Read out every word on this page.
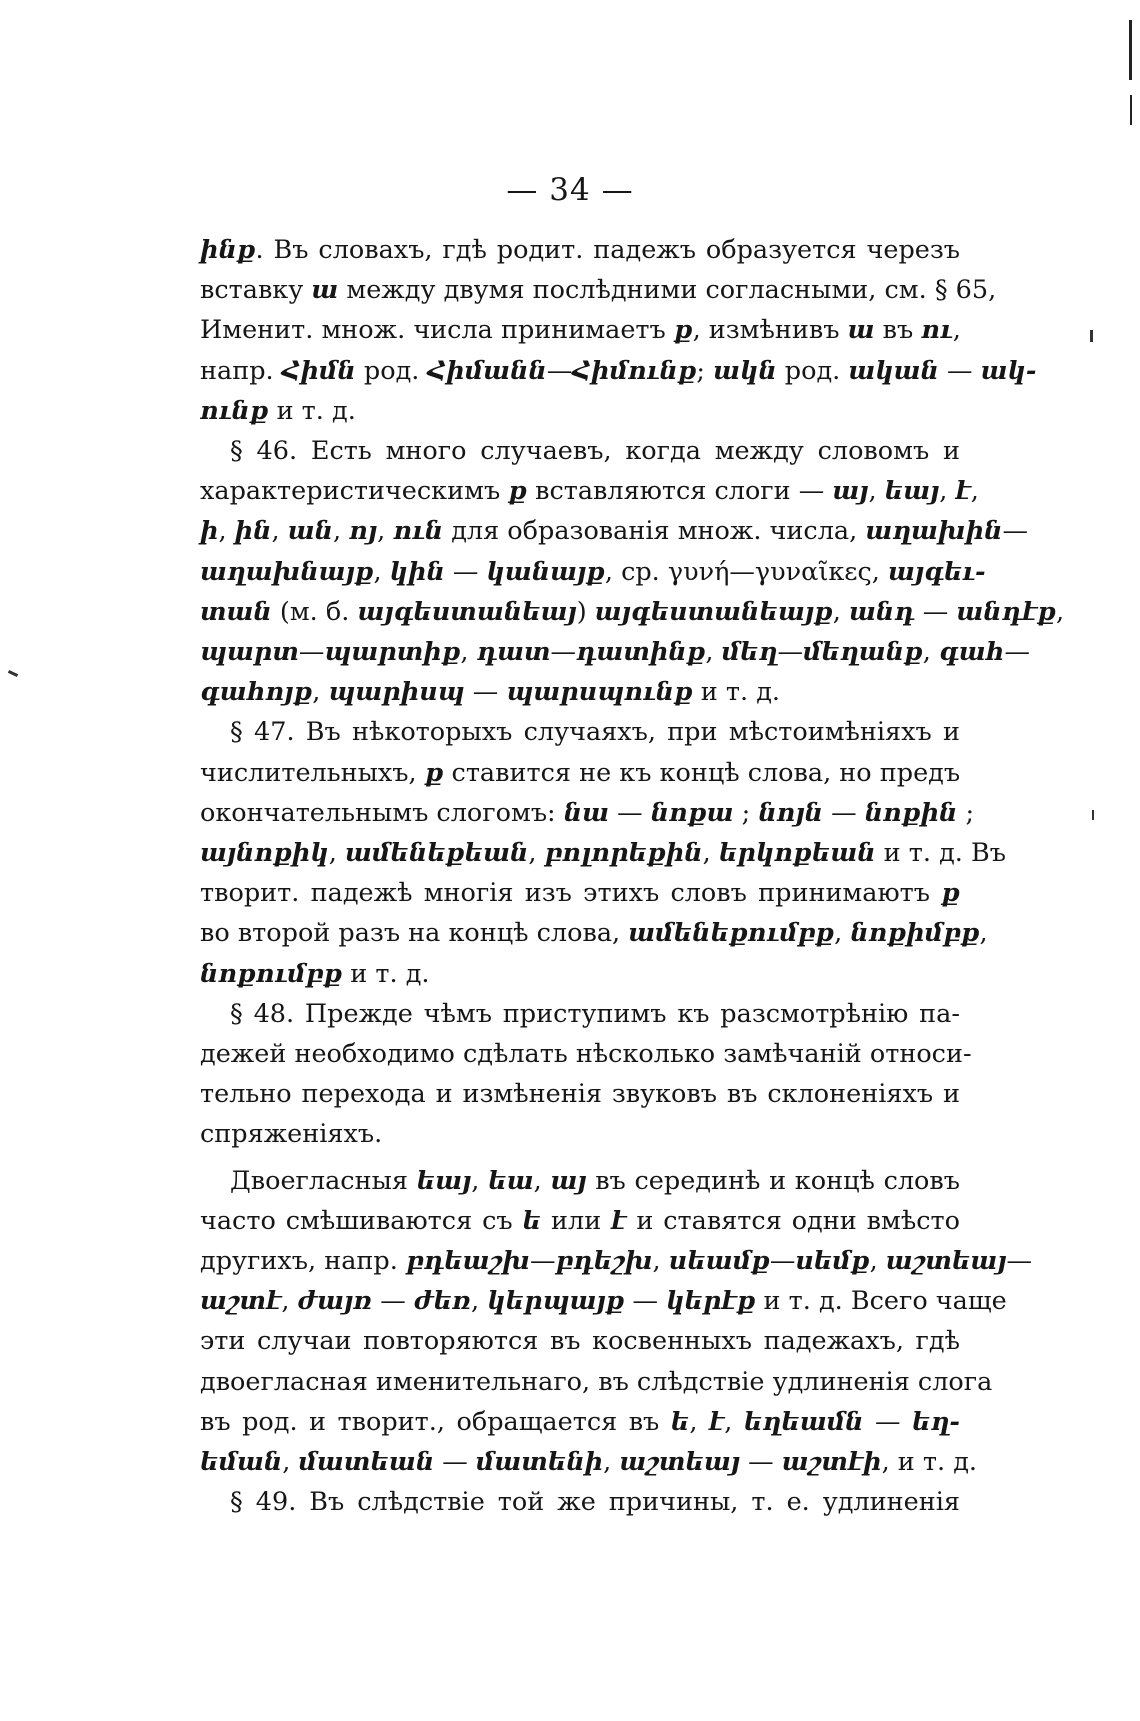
— 34 —
ինք. Въ словахъ, гдѣ родит. падежъ образуется черезъ
вставку ա между двумя послѣдними согласными, см. § 65,
Именит. множ. числа принимаетъ ք, измѣнивъ ա въ ու,
напр. Հիմն род. Հիմանն—Հիմունք; ակն род. ական — ակ-
ունք и т. д.
§ 46. Есть много случаевъ, когда между словомъ и
характеристическимъ ք вставляются слоги — այ, եայ, է,
ի, ին, ան, ոյ, ուն для образованія множ. числа, աղախին—
աղախնայք, կին — կանայք, ср. γυνή—γυναῖκες, այգեւ-
տան (м. б. այգեստանեայ) այգեստանեայք, անդ — անդէք,
պարտ—պարտիք, դատ—դատինք, մեղ—մեղանք, գահ—
գահոյք, պարիսպ — պարսպունք и т. д.
§ 47. Въ нѣкоторыхъ случаяхъ, при мѣстоимѣніяхъ и
числительныхъ, ք ставится не къ концѣ слова, но предъ
окончательнымъ слогомъ: նա — նոքա ; նոյն — նոքին ;
այնոքիկ, ամենեքեան, բոլորեքին, երկոքեան и т. д. Въ
творит. падежѣ многія изъ этихъ словъ принимаютъ ք
во второй разъ на концѣ слова, ամենեքումբք, նոքիմբք,
նոքումբք и т. д.
§ 48. Прежде чѣмъ приступимъ къ разсмотрѣнію па-
дежей необходимо сдѣлать нѣсколько замѣчаній относи-
тельно перехода и измѣненія звуковъ въ склоненіяхъ и
спряженіяхъ.
Двоегласныя եայ, եա, այ въ серединѣ и концѣ словъ
часто смѣшиваются съ ե или է и ставятся одни вмѣсто
другихъ, напр. բդեաշխ—բդեշխ, սեամք—սեմք, աշտեայ—
աշտէ, ժայռ — ժեռ, կերպայք — կերէք и т. д. Всего чаще
эти случаи повторяются въ косвенныхъ падежахъ, гдѣ
двоегласная именительнаго, въ слѣдствіе удлиненія слога
въ род. и творит., обращается въ ե, է, եղեամն — եղ-
եման, մատեան — մատենի, աշտեայ — աշտէի, и т. д.
§ 49. Въ слѣдствіе той же причины, т. е. удлиненія
